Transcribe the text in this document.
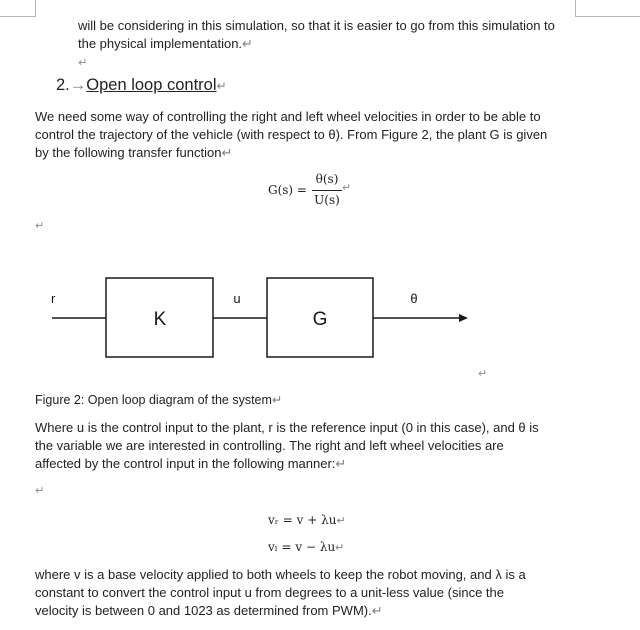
will be considering in this simulation, so that it is easier to go from this simulation to
the physical implementation.↵
↵
2.→Open loop control↵
We need some way of controlling the right and left wheel velocities in order to be able to
control the trajectory of the vehicle (with respect to θ). From Figure 2, the plant G is given
by the following transfer function↵
G(s) =
θ(s)
U(s)
↵
↵
r
K
u
G
θ
↵
Figure 2: Open loop diagram of the system↵
Where u is the control input to the plant, r is the reference input (0 in this case), and θ is
the variable we are interested in controlling. The right and left wheel velocities are
affected by the control input in the following manner:↵
↵
vᵣ = v + λu↵
vₗ = v − λu↵
where v is a base velocity applied to both wheels to keep the robot moving, and λ is a
constant to convert the control input u from degrees to a unit-less value (since the
velocity is between 0 and 1023 as determined from PWM).↵
